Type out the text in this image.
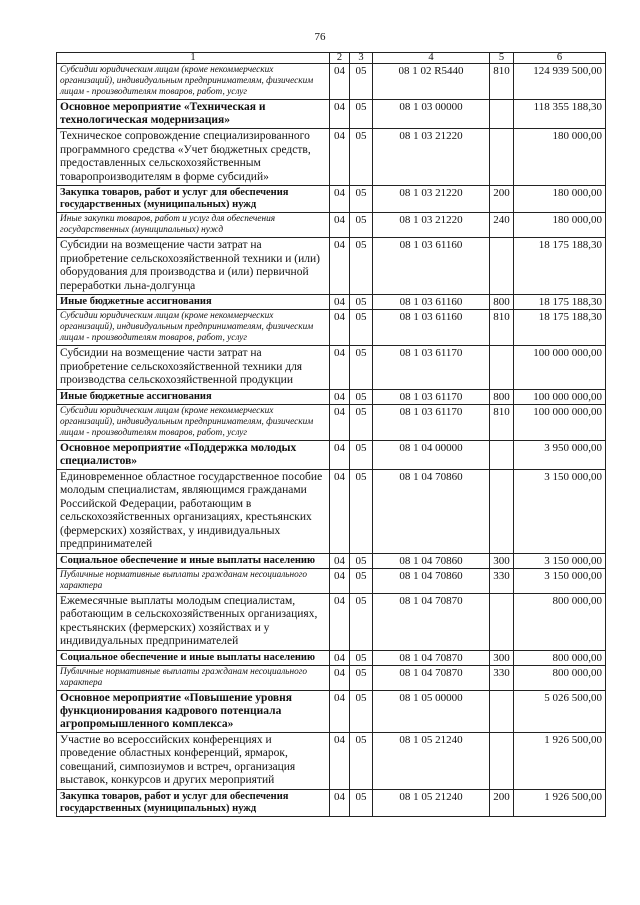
76
1	2	3	4	5	6
Субсидии юридическим лицам (кроме некоммерческих организаций), индивидуальным предпринимателям, физическим лицам - производителям товаров, работ, услуг	04	05	08 1 02 R5440	810	124 939 500,00
Основное мероприятие «Техническая и технологическая модернизация»	04	05	08 1 03 00000		118 355 188,30
Техническое сопровождение специализированного программного средства «Учет бюджетных средств, предоставленных сельскохозяйственным товаропроизводителям в форме субсидий»	04	05	08 1 03 21220		180 000,00
Закупка товаров, работ и услуг для обеспечения государственных (муниципальных) нужд	04	05	08 1 03 21220	200	180 000,00
Иные закупки товаров, работ и услуг для обеспечения государственных (муниципальных) нужд	04	05	08 1 03 21220	240	180 000,00
Субсидии на возмещение части затрат на приобретение сельскохозяйственной техники и (или) оборудования для производства и (или) первичной переработки льна-долгунца	04	05	08 1 03 61160		18 175 188,30
Иные бюджетные ассигнования	04	05	08 1 03 61160	800	18 175 188,30
Субсидии юридическим лицам (кроме некоммерческих организаций), индивидуальным предпринимателям, физическим лицам - производителям товаров, работ, услуг	04	05	08 1 03 61160	810	18 175 188,30
Субсидии на возмещение части затрат на приобретение сельскохозяйственной техники для производства сельскохозяйственной продукции	04	05	08 1 03 61170		100 000 000,00
Иные бюджетные ассигнования	04	05	08 1 03 61170	800	100 000 000,00
Субсидии юридическим лицам (кроме некоммерческих организаций), индивидуальным предпринимателям, физическим лицам - производителям товаров, работ, услуг	04	05	08 1 03 61170	810	100 000 000,00
Основное мероприятие «Поддержка молодых специалистов»	04	05	08 1 04 00000		3 950 000,00
Единовременное областное государственное пособие молодым специалистам, являющимся гражданами Российской Федерации, работающим в сельскохозяйственных организациях, крестьянских (фермерских) хозяйствах, у индивидуальных предпринимателей	04	05	08 1 04 70860		3 150 000,00
Социальное обеспечение и иные выплаты населению	04	05	08 1 04 70860	300	3 150 000,00
Публичные нормативные выплаты гражданам несоциального характера	04	05	08 1 04 70860	330	3 150 000,00
Ежемесячные выплаты молодым специалистам, работающим в сельскохозяйственных организациях, крестьянских (фермерских) хозяйствах и у индивидуальных предпринимателей	04	05	08 1 04 70870		800 000,00
Социальное обеспечение и иные выплаты населению	04	05	08 1 04 70870	300	800 000,00
Публичные нормативные выплаты гражданам несоциального характера	04	05	08 1 04 70870	330	800 000,00
Основное мероприятие «Повышение уровня функционирования кадрового потенциала агропромышленного комплекса»	04	05	08 1 05 00000		5 026 500,00
Участие во всероссийских конференциях и проведение областных конференций, ярмарок, совещаний, симпозиумов и встреч, организация выставок, конкурсов и других мероприятий	04	05	08 1 05 21240		1 926 500,00
Закупка товаров, работ и услуг для обеспечения государственных (муниципальных) нужд	04	05	08 1 05 21240	200	1 926 500,00
